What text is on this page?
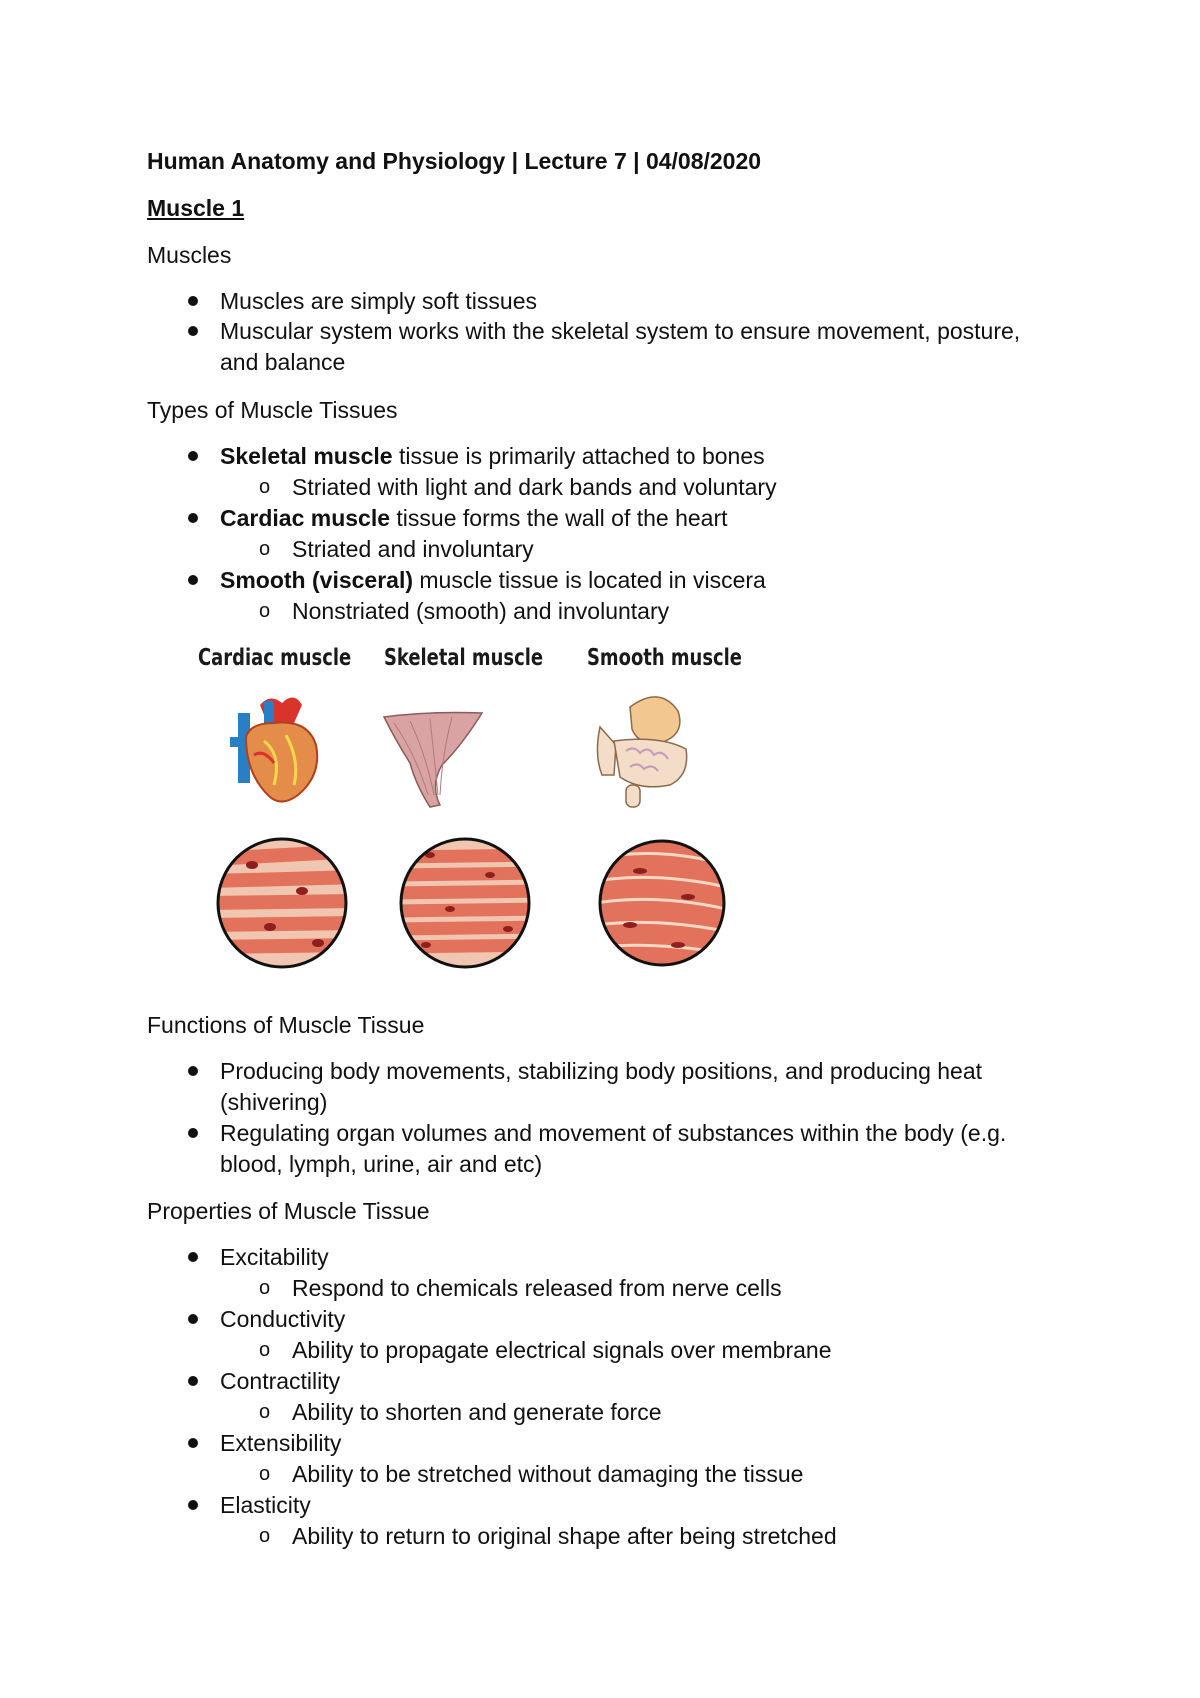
Human Anatomy and Physiology | Lecture 7 | 04/08/2020
Muscle 1
Muscles
Muscles are simply soft tissues
Muscular system works with the skeletal system to ensure movement, posture,
and balance
Types of Muscle Tissues
Skeletal muscle tissue is primarily attached to bones
o Striated with light and dark bands and voluntary
Cardiac muscle tissue forms the wall of the heart
o Striated and involuntary
Smooth (visceral) muscle tissue is located in viscera
o Nonstriated (smooth) and involuntary
Cardiac muscle Skeletal muscle Smooth muscle
Functions of Muscle Tissue
Producing body movements, stabilizing body positions, and producing heat
(shivering)
Regulating organ volumes and movement of substances within the body (e.g.
blood, lymph, urine, air and etc)
Properties of Muscle Tissue
Excitability
o Respond to chemicals released from nerve cells
Conductivity
o Ability to propagate electrical signals over membrane
Contractility
o Ability to shorten and generate force
Extensibility
o Ability to be stretched without damaging the tissue
Elasticity
o Ability to return to original shape after being stretched
